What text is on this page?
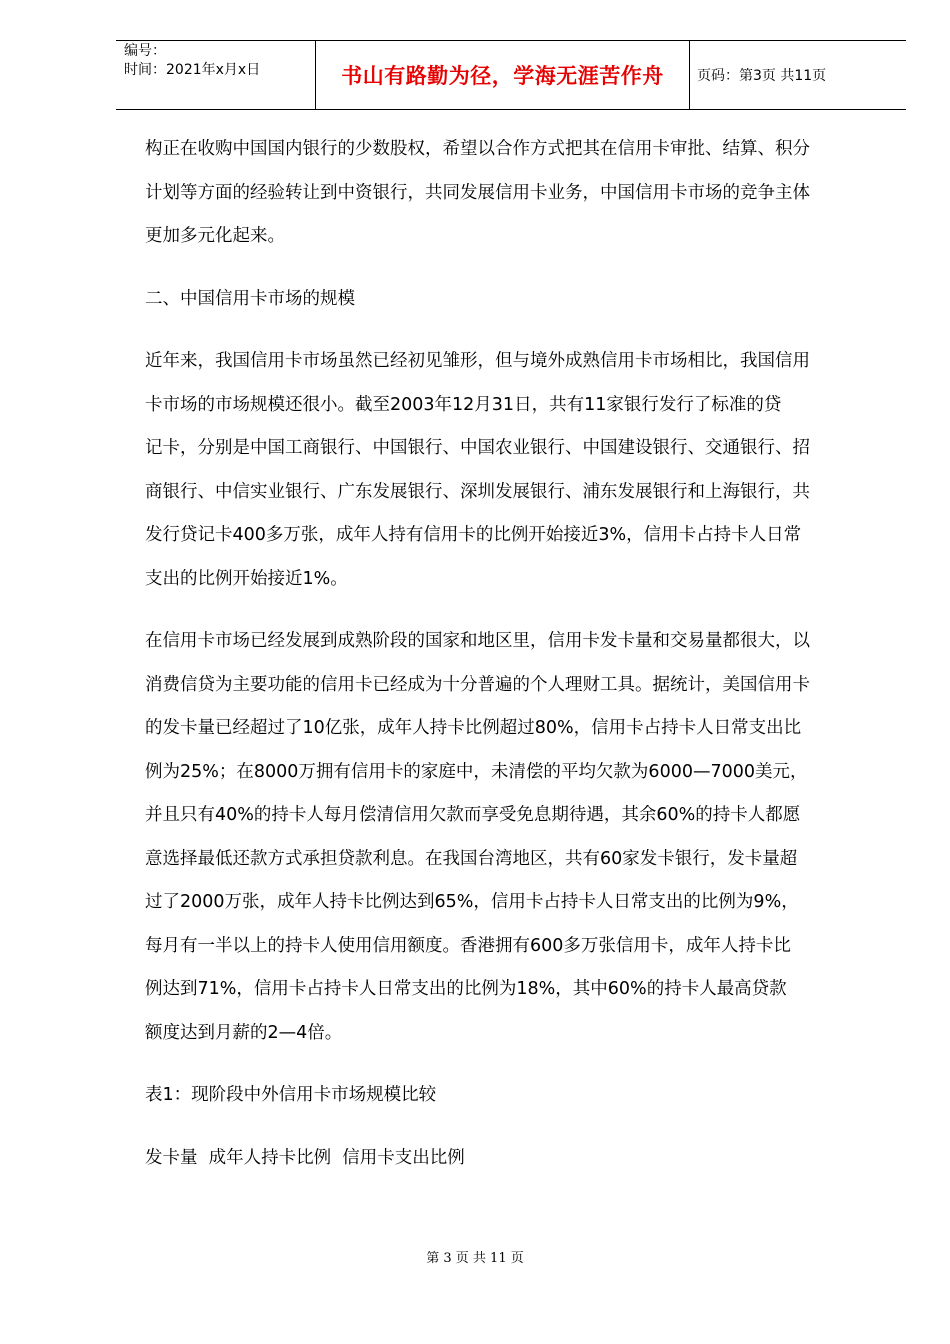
编号：
时间：2021年x月x日	书山有路勤为径，学海无涯苦作舟	页码：第3页 共11页
构正在收购中国国内银行的少数股权，希望以合作方式把其在信用卡审批、结算、积分
计划等方面的经验转让到中资银行，共同发展信用卡业务，中国信用卡市场的竞争主体
更加多元化起来。
二、中国信用卡市场的规模
近年来，我国信用卡市场虽然已经初见雏形，但与境外成熟信用卡市场相比，我国信用
卡市场的市场规模还很小。截至2003年12月31日，共有11家银行发行了标准的贷
记卡，分别是中国工商银行、中国银行、中国农业银行、中国建设银行、交通银行、招
商银行、中信实业银行、广东发展银行、深圳发展银行、浦东发展银行和上海银行，共
发行贷记卡400多万张，成年人持有信用卡的比例开始接近3%，信用卡占持卡人日常
支出的比例开始接近1%。
在信用卡市场已经发展到成熟阶段的国家和地区里，信用卡发卡量和交易量都很大，以
消费信贷为主要功能的信用卡已经成为十分普遍的个人理财工具。据统计，美国信用卡
的发卡量已经超过了10亿张，成年人持卡比例超过80%，信用卡占持卡人日常支出比
例为25%；在8000万拥有信用卡的家庭中，未清偿的平均欠款为6000—7000美元，
并且只有40%的持卡人每月偿清信用欠款而享受免息期待遇，其余60%的持卡人都愿
意选择最低还款方式承担贷款利息。在我国台湾地区，共有60家发卡银行，发卡量超
过了2000万张，成年人持卡比例达到65%，信用卡占持卡人日常支出的比例为9%，
每月有一半以上的持卡人使用信用额度。香港拥有600多万张信用卡，成年人持卡比
例达到71%，信用卡占持卡人日常支出的比例为18%，其中60%的持卡人最高贷款
额度达到月薪的2—4倍。
表1：现阶段中外信用卡市场规模比较
发卡量  成年人持卡比例  信用卡支出比例
第 3 页 共 11 页
